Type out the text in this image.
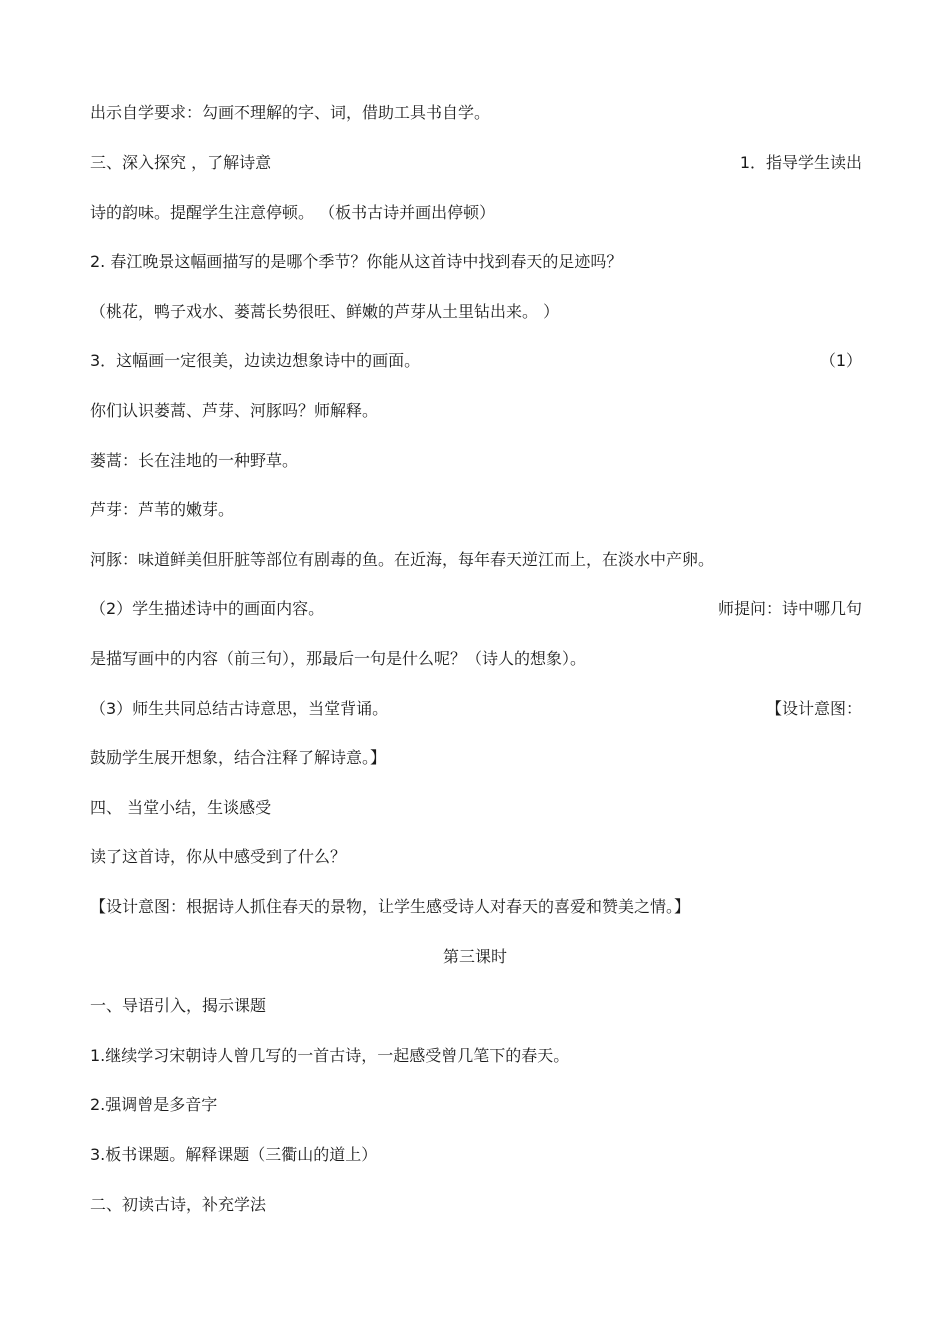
出示自学要求：勾画不理解的字、词，借助工具书自学。
三、深入探究 ，了解诗意	1．指导学生读出
诗的韵味。提醒学生注意停顿。 （板书古诗并画出停顿）
2. 春江晚景这幅画描写的是哪个季节？你能从这首诗中找到春天的足迹吗？
（桃花，鸭子戏水、蒌蒿长势很旺、鲜嫩的芦芽从土里钻出来。 ）
3．这幅画一定很美，边读边想象诗中的画面。	（1）
你们认识蒌蒿、芦芽、河豚吗？师解释。
蒌蒿：长在洼地的一种野草。
芦芽：芦苇的嫩芽。
河豚：味道鲜美但肝脏等部位有剧毒的鱼。在近海，每年春天逆江而上，在淡水中产卵。
（2）学生描述诗中的画面内容。	师提问：诗中哪几句
是描写画中的内容（前三句），那最后一句是什么呢？（诗人的想象）。
（3）师生共同总结古诗意思，当堂背诵。	【设计意图：
鼓励学生展开想象，结合注释了解诗意。】
四、 当堂小结，生谈感受
读了这首诗，你从中感受到了什么？
【设计意图：根据诗人抓住春天的景物，让学生感受诗人对春天的喜爱和赞美之情。】
第三课时
一、导语引入，揭示课题
1.继续学习宋朝诗人曾几写的一首古诗，一起感受曾几笔下的春天。
2.强调曾是多音字
3.板书课题。解释课题（三衢山的道上）
二、初读古诗，补充学法
